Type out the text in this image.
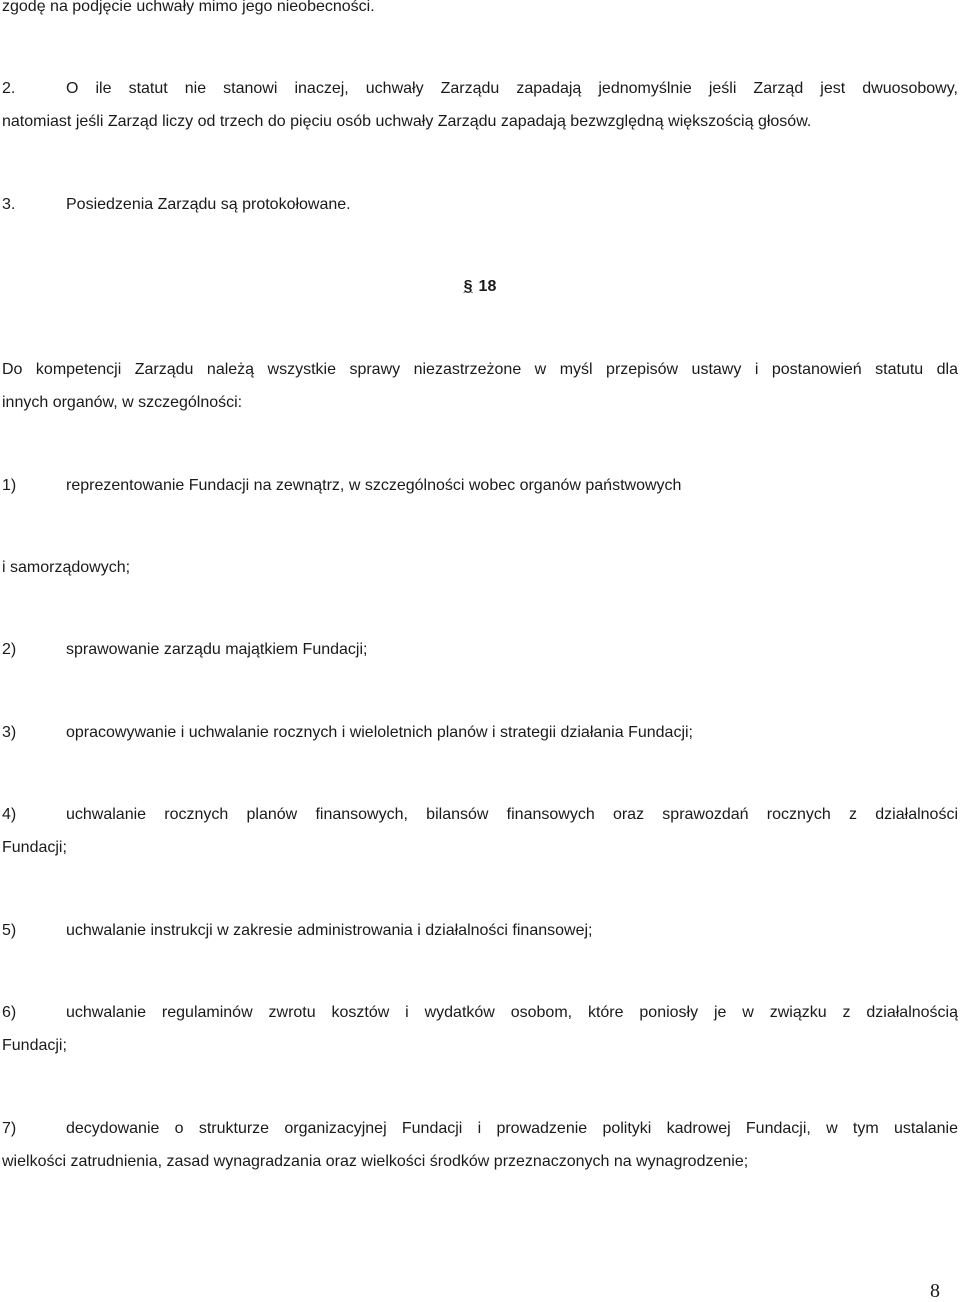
zgodę na podjęcie uchwały mimo jego nieobecności.
2.	O ile statut nie stanowi inaczej, uchwały Zarządu zapadają jednomyślnie jeśli Zarząd jest dwuosobowy,
natomiast jeśli Zarząd liczy od trzech do pięciu osób uchwały Zarządu zapadają bezwzględną większością głosów.
3.	Posiedzenia Zarządu są protokołowane.
§ 18
Do kompetencji Zarządu należą wszystkie sprawy niezastrzeżone w myśl przepisów ustawy i postanowień statutu dla
innych organów, w szczególności:
1)	reprezentowanie Fundacji na zewnątrz, w szczególności wobec organów państwowych
i samorządowych;
2)	sprawowanie zarządu majątkiem Fundacji;
3)	opracowywanie i uchwalanie rocznych i wieloletnich planów i strategii działania Fundacji;
4)	uchwalanie rocznych planów finansowych, bilansów finansowych oraz sprawozdań rocznych z działalności
Fundacji;
5)	uchwalanie instrukcji w zakresie administrowania i działalności finansowej;
6)	uchwalanie regulaminów zwrotu kosztów i wydatków osobom, które poniosły je w związku z działalnością
Fundacji;
7)	decydowanie o strukturze organizacyjnej Fundacji i prowadzenie polityki kadrowej Fundacji, w tym ustalanie
wielkości zatrudnienia, zasad wynagradzania oraz wielkości środków przeznaczonych na wynagrodzenie;
8
